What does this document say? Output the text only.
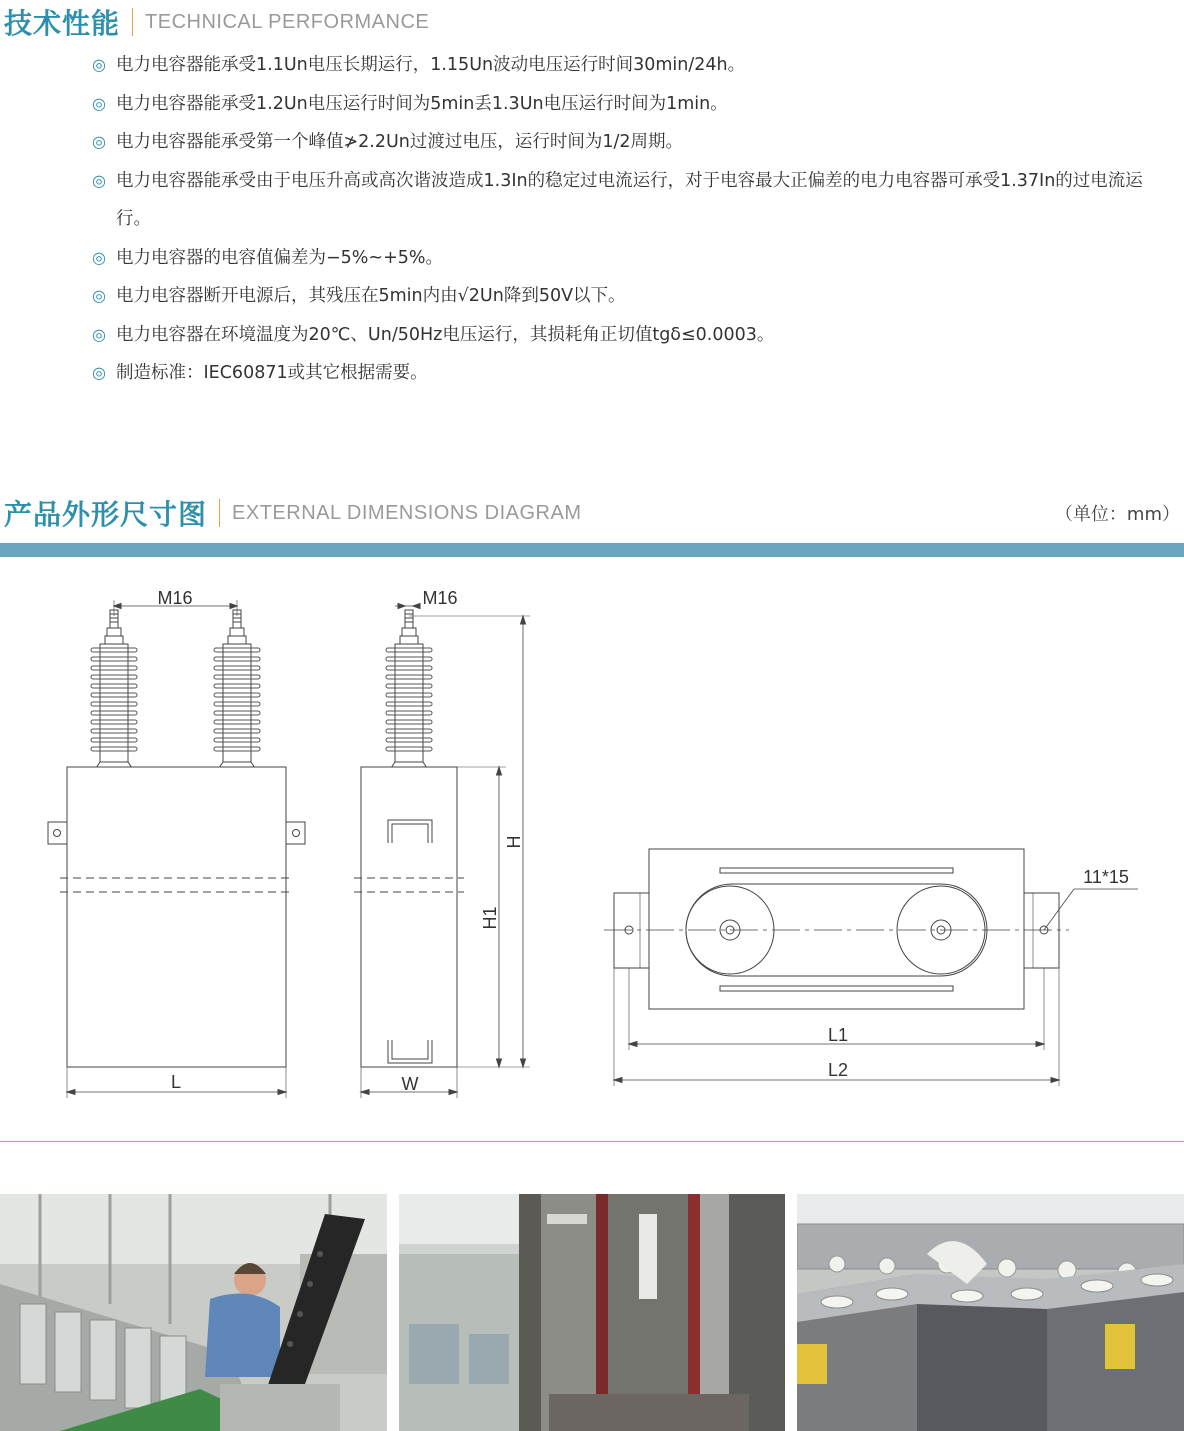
技术性能 TECHNICAL PERFORMANCE
◎ 电力电容器能承受1.1Un电压长期运行，1.15Un波动电压运行时间30min/24h。
◎ 电力电容器能承受1.2Un电压运行时间为5min丢1.3Un电压运行时间为1min。
◎ 电力电容器能承受第一个峰值≯2.2Un过渡过电压，运行时间为1/2周期。
◎ 电力电容器能承受由于电压升高或高次谐波造成1.3In的稳定过电流运行，对于电容最大正偏差的电力电容器可承受1.37In的过电流运行。
◎ 电力电容器的电容值偏差为−5%~+5%。
◎ 电力电容器断开电源后，其残压在5min内由√2Un降到50V以下。
◎ 电力电容器在环境温度为20℃、Un/50Hz电压运行，其损耗角正切值tgδ≤0.0003。
◎ 制造标准：IEC60871或其它根据需要。
产品外形尺寸图 EXTERNAL DIMENSIONS DIAGRAM	（单位：mm）
M16
L
M16
W
H1
H
11*15
L1
L2
